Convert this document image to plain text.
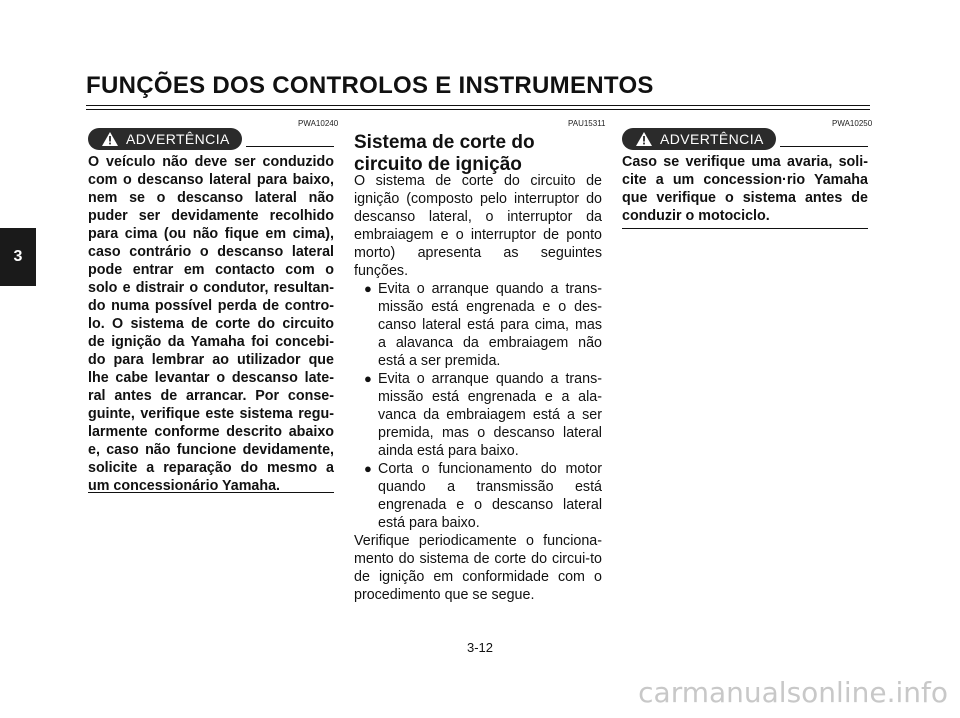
FUNÇÕES DOS CONTROLOS E INSTRUMENTOS
3
PWA10240
ADVERTÊNCIA

O veículo não deve ser conduzido com o descanso lateral para baixo, nem se o descanso lateral não puder ser devidamente recolhido para cima (ou não fique em cima), caso contrário o descanso lateral pode entrar em contacto com o solo e distrair o condutor, resultan-do numa possível perda de contro-lo. O sistema de corte do circuito de ignição da Yamaha foi concebi-do para lembrar ao utilizador que lhe cabe levantar o descanso late-ral antes de arrancar. Por conse-guinte, verifique este sistema regu-larmente conforme descrito abaixo e, caso não funcione devidamente, solicite a reparação do mesmo a um concessionário Yamaha.

PAU15311
Sistema de corte do circuito de ignição

O sistema de corte do circuito de ignição (composto pelo interruptor do descanso lateral, o interruptor da embraiagem e o interruptor de ponto morto) apresenta as seguintes funções.

● Evita o arranque quando a trans-missão está engrenada e o des-canso lateral está para cima, mas a alavanca da embraiagem não está a ser premida.
● Evita o arranque quando a trans-missão está engrenada e a ala-vanca da embraiagem está a ser premida, mas o descanso lateral ainda está para baixo.
● Corta o funcionamento do motor quando a transmissão está engrenada e o descanso lateral está para baixo.

Verifique periodicamente o funciona-mento do sistema de corte do circui-to de ignição em conformidade com o procedimento que se segue.

PWA10250
ADVERTÊNCIA

Caso se verifique uma avaria, soli-cite a um concession·rio Yamaha que verifique o sistema antes de conduzir o motociclo.

3-12
carmanualsonline.info
